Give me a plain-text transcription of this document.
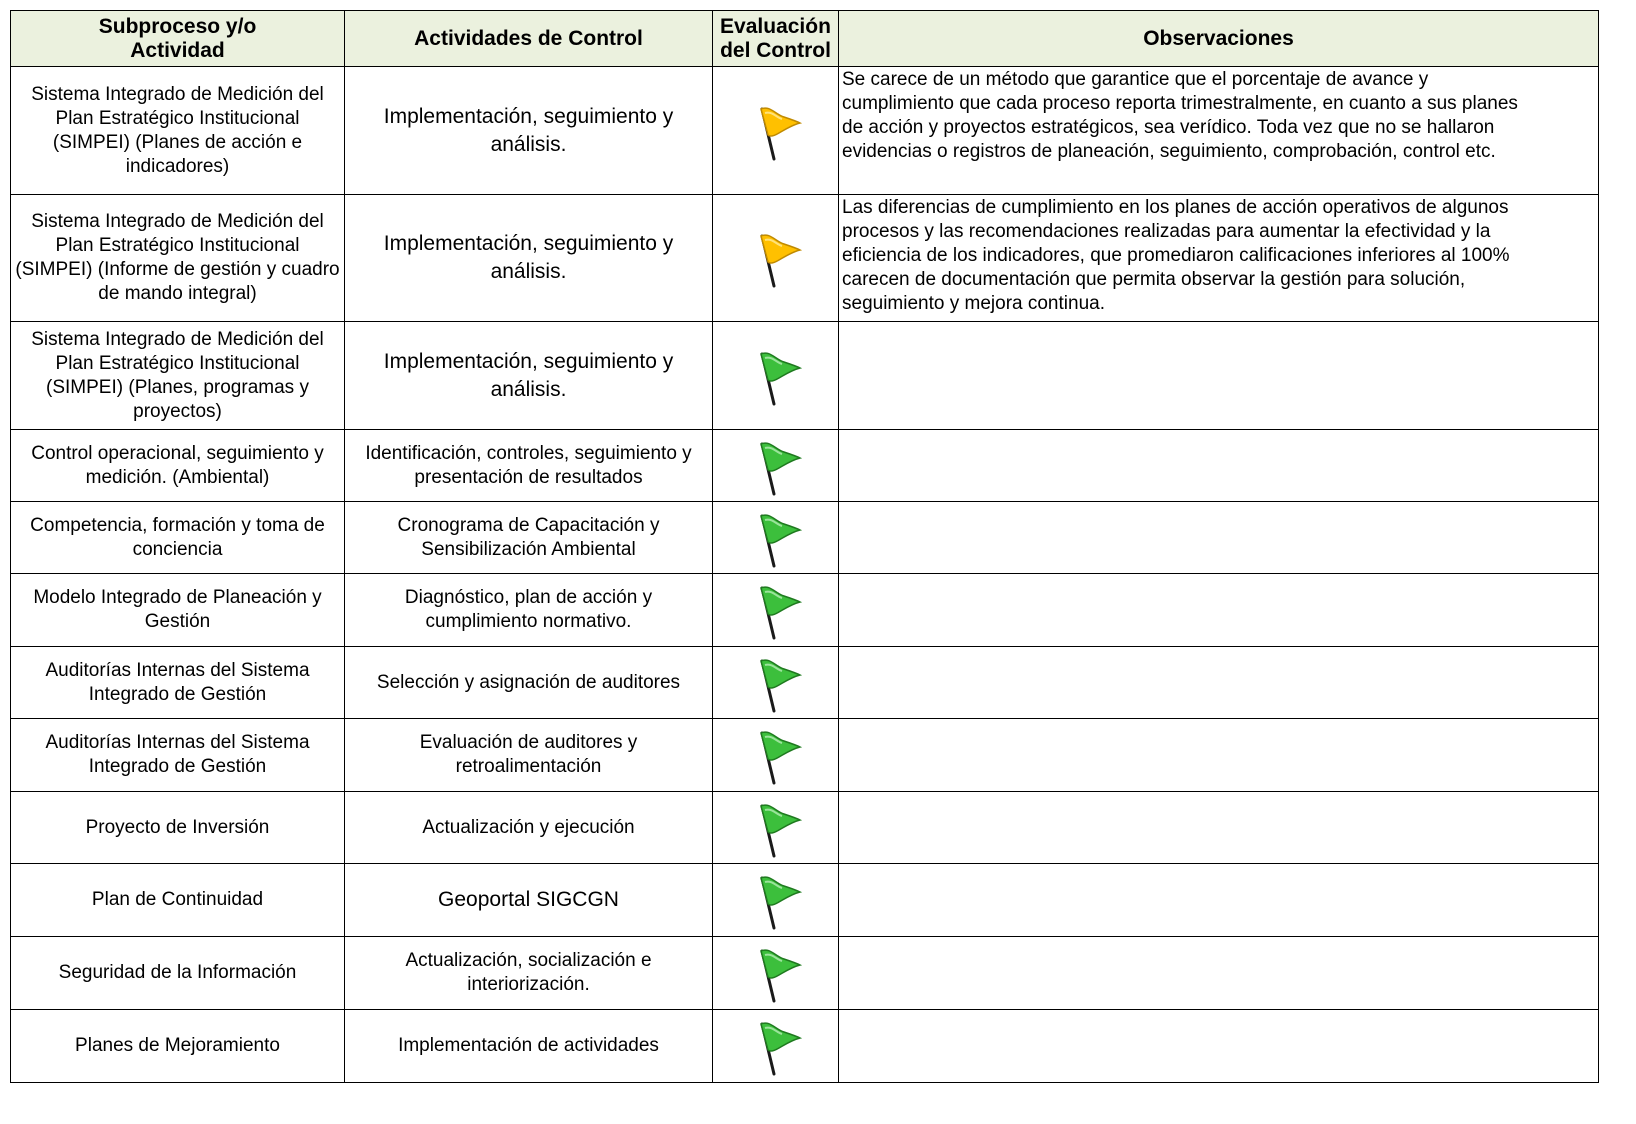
Subproceso y/o Actividad	Actividades de Control	Evaluación del Control	Observaciones
Sistema Integrado de Medición del Plan Estratégico Institucional (SIMPEI) (Planes de acción e indicadores)	Implementación, seguimiento y análisis.		Se carece de un método que garantice que el porcentaje de avance y
cumplimiento que cada proceso reporta trimestralmente, en cuanto a sus planes
de acción y proyectos estratégicos, sea verídico. Toda vez que no se hallaron
evidencias o registros de planeación, seguimiento, comprobación, control etc.

Sistema Integrado de Medición del Plan Estratégico Institucional (SIMPEI) (Informe de gestión y cuadro de mando integral)	Implementación, seguimiento y análisis.		Las diferencias de cumplimiento en los planes de acción operativos de algunos
procesos y las recomendaciones realizadas para aumentar la efectividad y la
eficiencia de los indicadores, que promediaron calificaciones inferiores al 100%
carecen de documentación que permita observar la gestión para solución,
seguimiento y mejora continua.

Sistema Integrado de Medición del Plan Estratégico Institucional (SIMPEI) (Planes, programas y proyectos)	Implementación, seguimiento y análisis.	

Control operacional, seguimiento y medición. (Ambiental)	Identificación, controles, seguimiento y presentación de resultados	

Competencia, formación y toma de conciencia	Cronograma de Capacitación y Sensibilización Ambiental	

Modelo Integrado de Planeación y Gestión	Diagnóstico, plan de acción y cumplimiento normativo.	

Auditorías Internas del Sistema Integrado de Gestión	Selección y asignación de auditores	

Auditorías Internas del Sistema Integrado de Gestión	Evaluación de auditores y retroalimentación	

Proyecto de Inversión	Actualización y ejecución	

Plan de Continuidad	Geoportal SIGCGN	

Seguridad de la Información	Actualización, socialización e interiorización.	

Planes de Mejoramiento	Implementación de actividades	
